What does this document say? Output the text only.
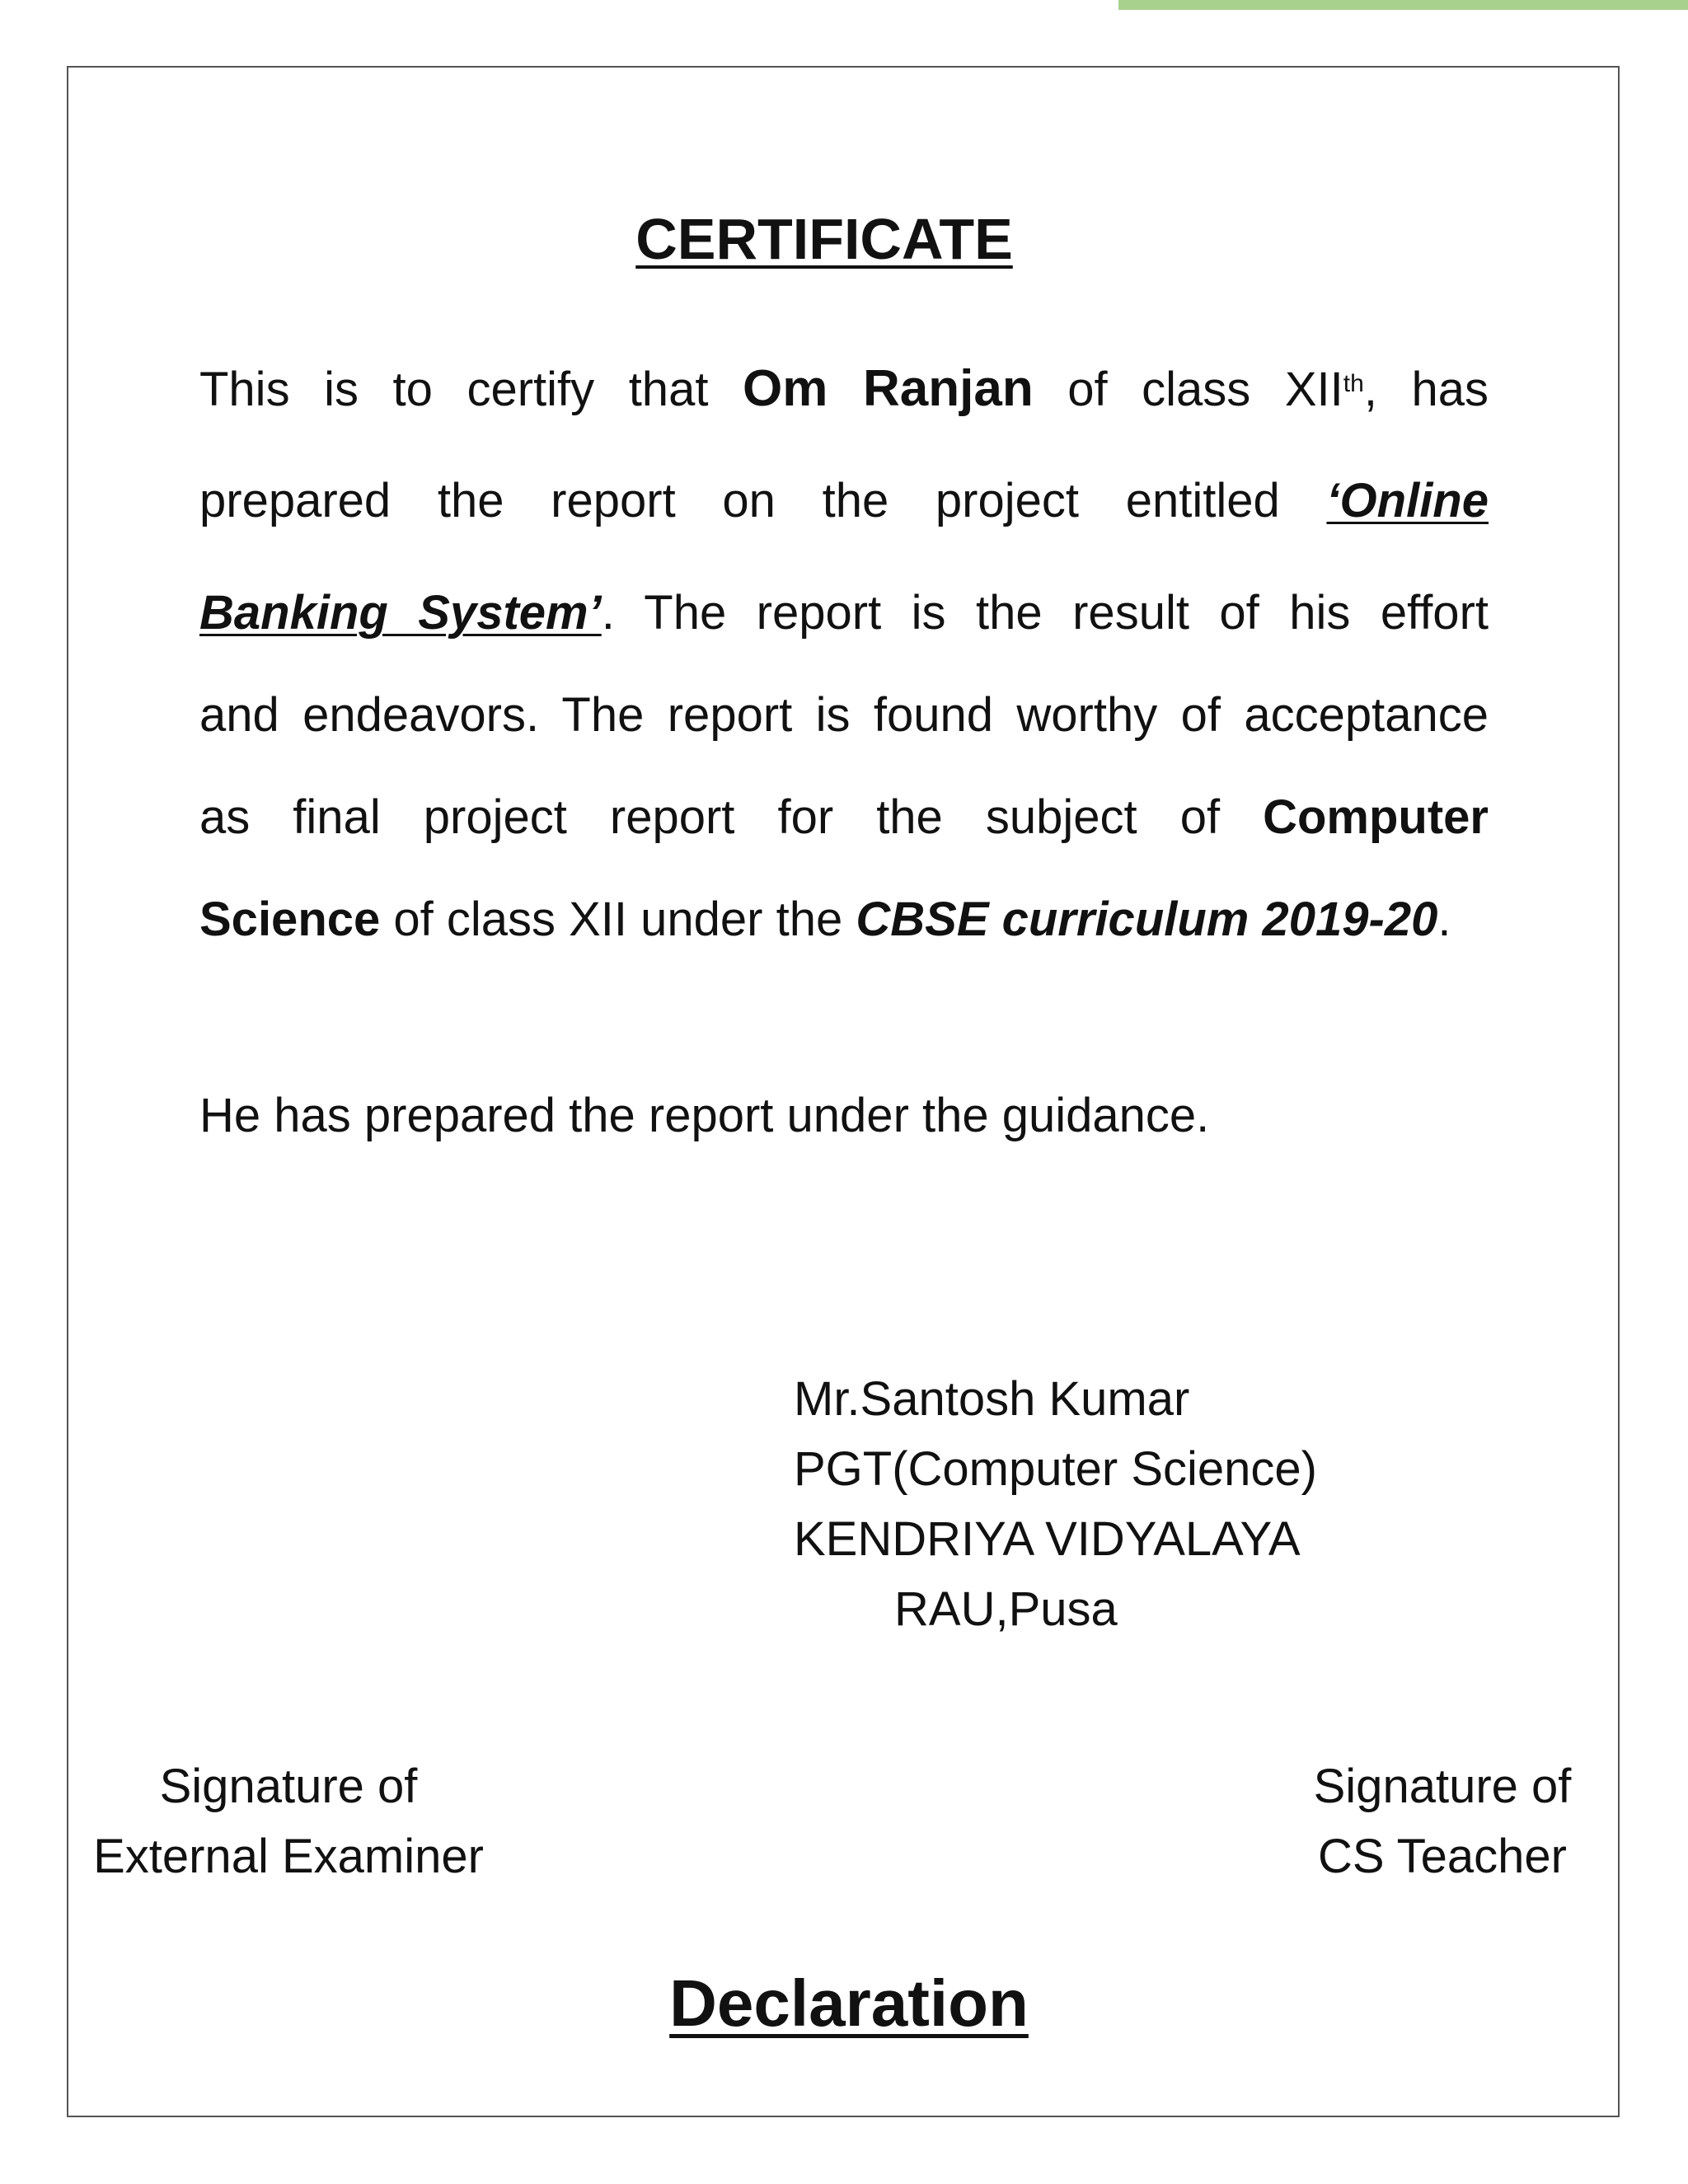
CERTIFICATE
This is to certify that Om Ranjan of class XIIth, has
prepared the report on the project entitled ‘Online
Banking System’. The report is the result of his effort
and endeavors. The report is found worthy of acceptance
as final project report for the subject of Computer
Science of class XII under the CBSE curriculum 2019-20.
He has prepared the report under the guidance.
Mr.Santosh Kumar
PGT(Computer Science)
KENDRIYA VIDYALAYA
RAU,Pusa
Signature of
External Examiner
Signature of
CS Teacher
Declaration
